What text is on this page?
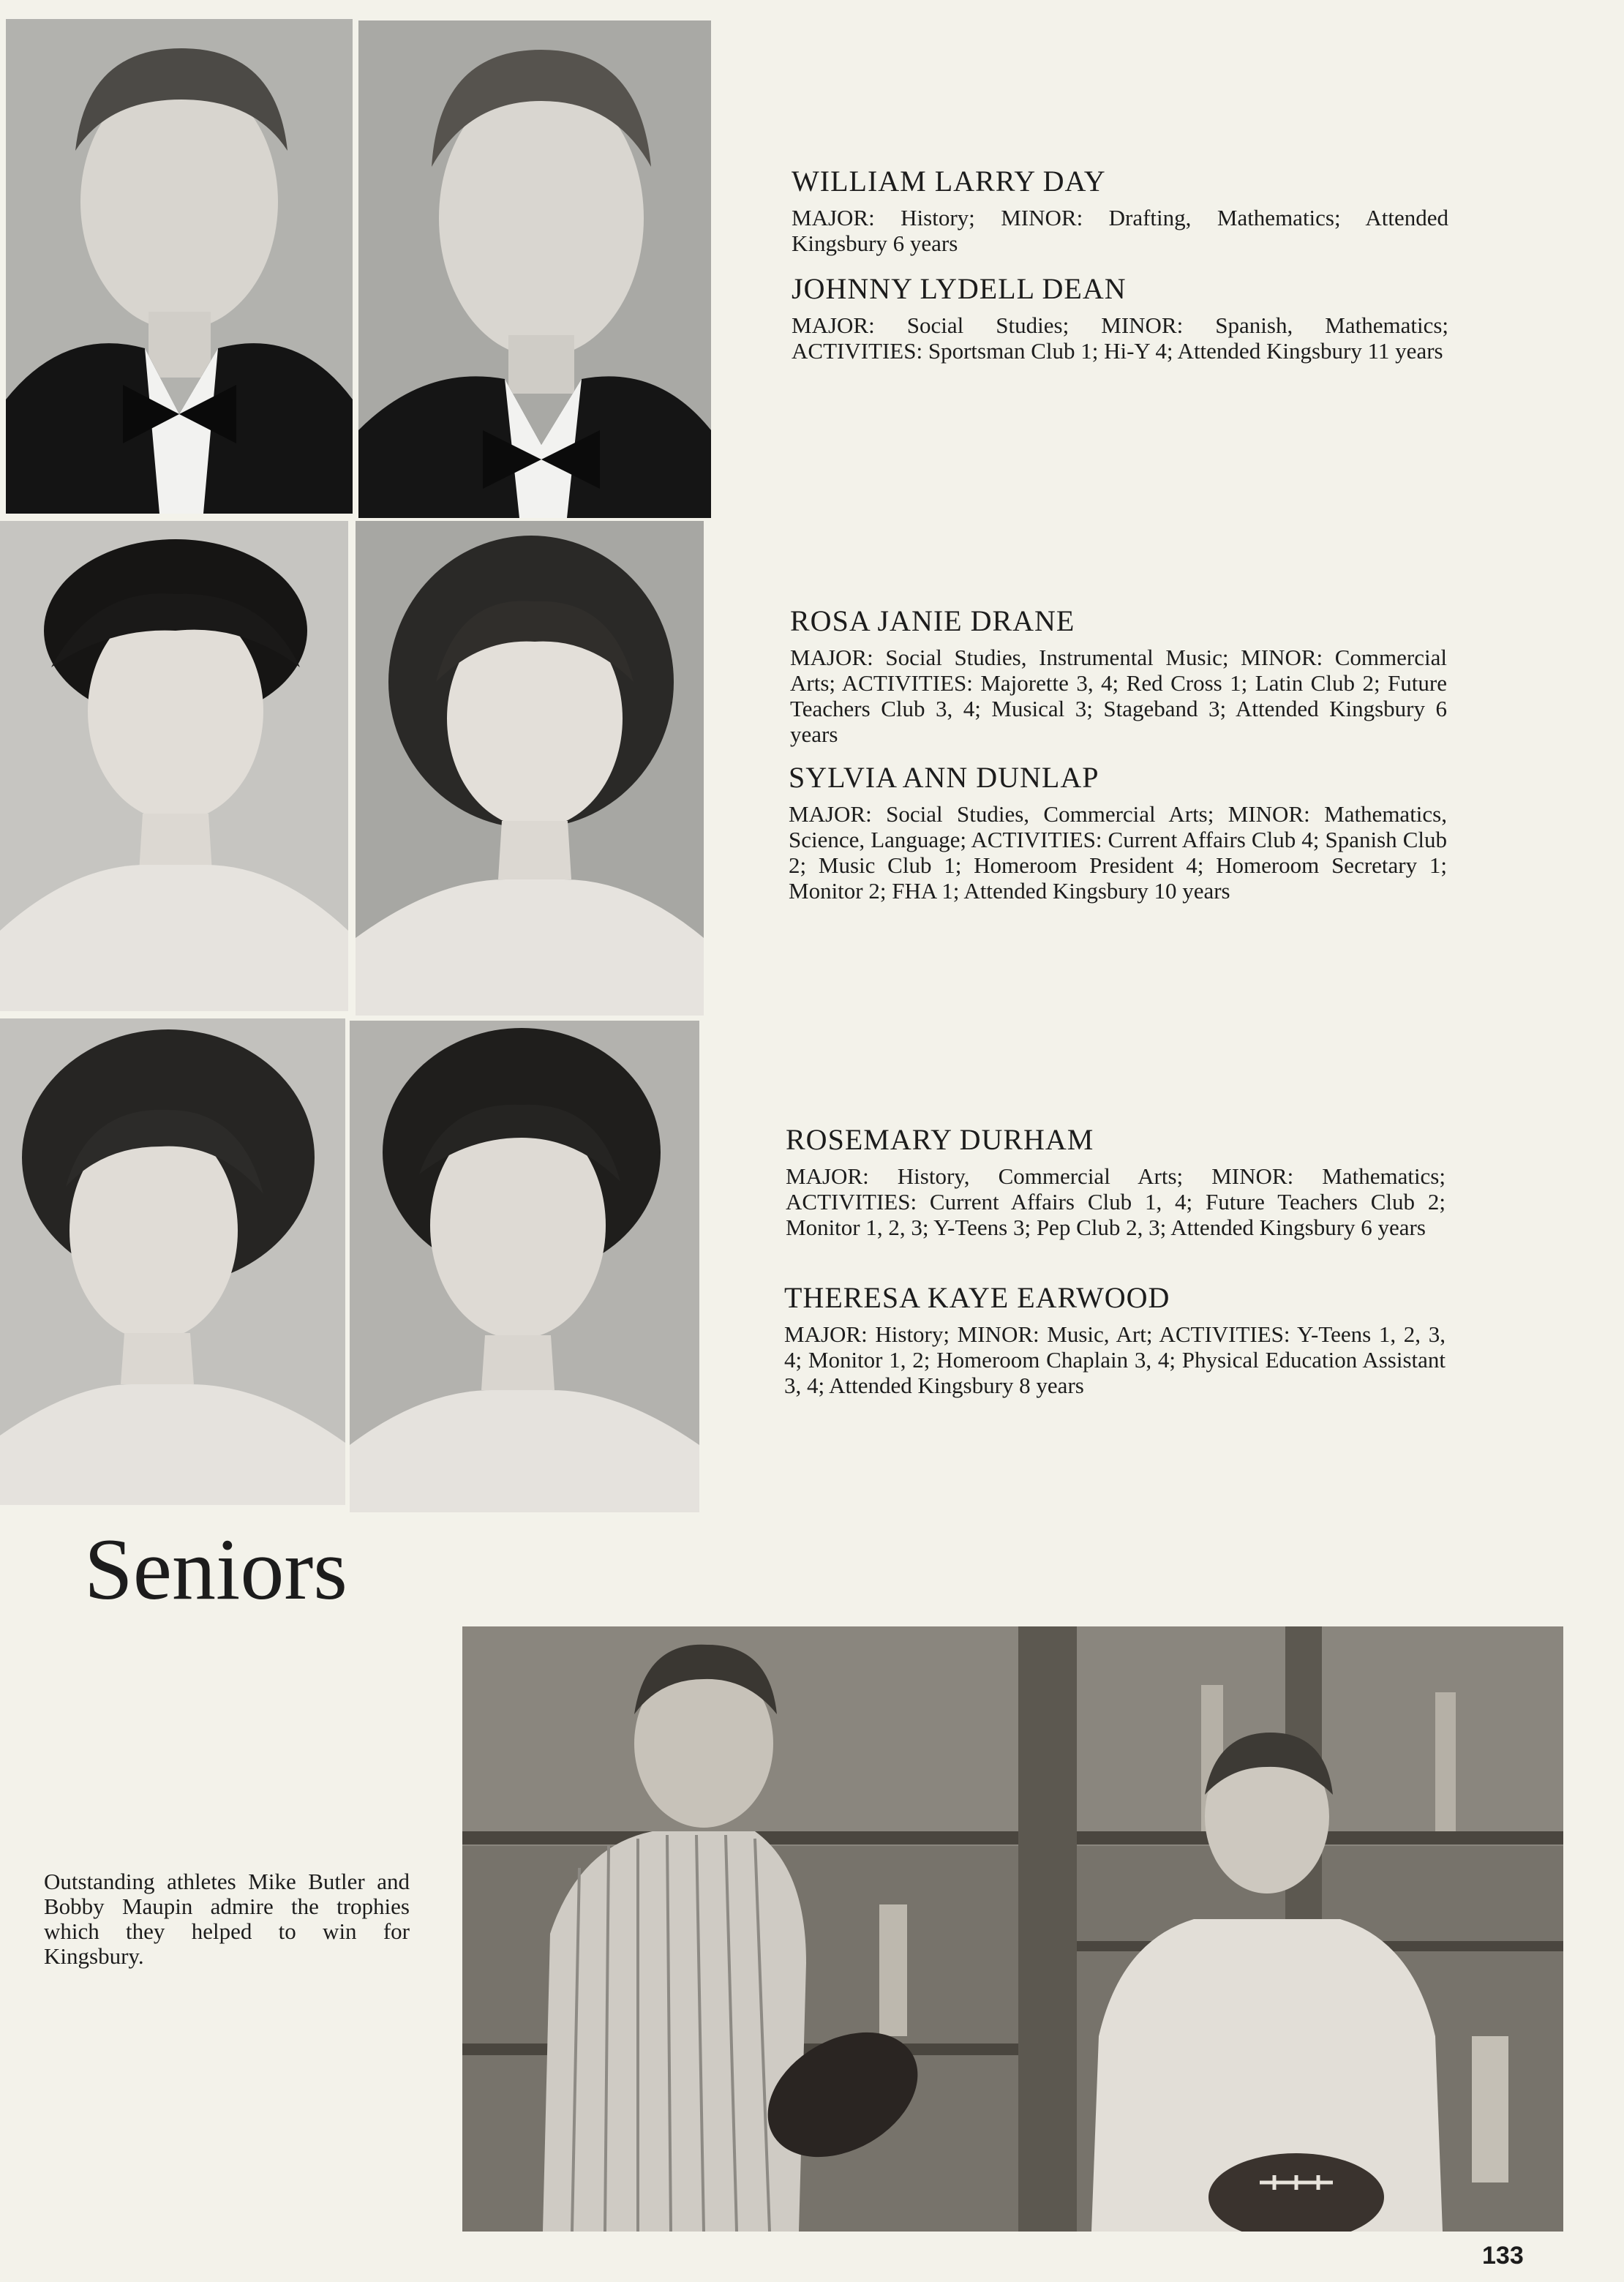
WILLIAM LARRY DAY

MAJOR: History; MINOR: Drafting, Mathematics; Attended Kingsbury 6 years

JOHNNY LYDELL DEAN

MAJOR: Social Studies; MINOR: Spanish, Mathematics; ACTIVITIES: Sportsman Club 1; Hi-Y 4; Attended Kingsbury 11 years

ROSA JANIE DRANE

MAJOR: Social Studies, Instrumental Music; MINOR: Commercial Arts; ACTIVITIES: Majorette 3, 4; Red Cross 1; Latin Club 2; Future Teachers Club 3, 4; Musical 3; Stageband 3; Attended Kingsbury 6 years

SYLVIA ANN DUNLAP

MAJOR: Social Studies, Commercial Arts; MINOR: Mathematics, Science, Language; ACTIVITIES: Current Affairs Club 4; Spanish Club 2; Music Club 1; Homeroom President 4; Homeroom Secretary 1; Monitor 2; FHA 1; Attended Kingsbury 10 years

ROSEMARY DURHAM

MAJOR: History, Commercial Arts; MINOR: Mathematics; ACTIVITIES: Current Affairs Club 1, 4; Future Teachers Club 2; Monitor 1, 2, 3; Y-Teens 3; Pep Club 2, 3; Attended Kingsbury 6 years

THERESA KAYE EARWOOD

MAJOR: History; MINOR: Music, Art; ACTIVITIES: Y-Teens 1, 2, 3, 4; Monitor 1, 2; Homeroom Chaplain 3, 4; Physical Education Assistant 3, 4; Attended Kingsbury 8 years

Seniors

Outstanding athletes Mike Butler and Bobby Maupin admire the trophies which they helped to win for Kingsbury.

133
